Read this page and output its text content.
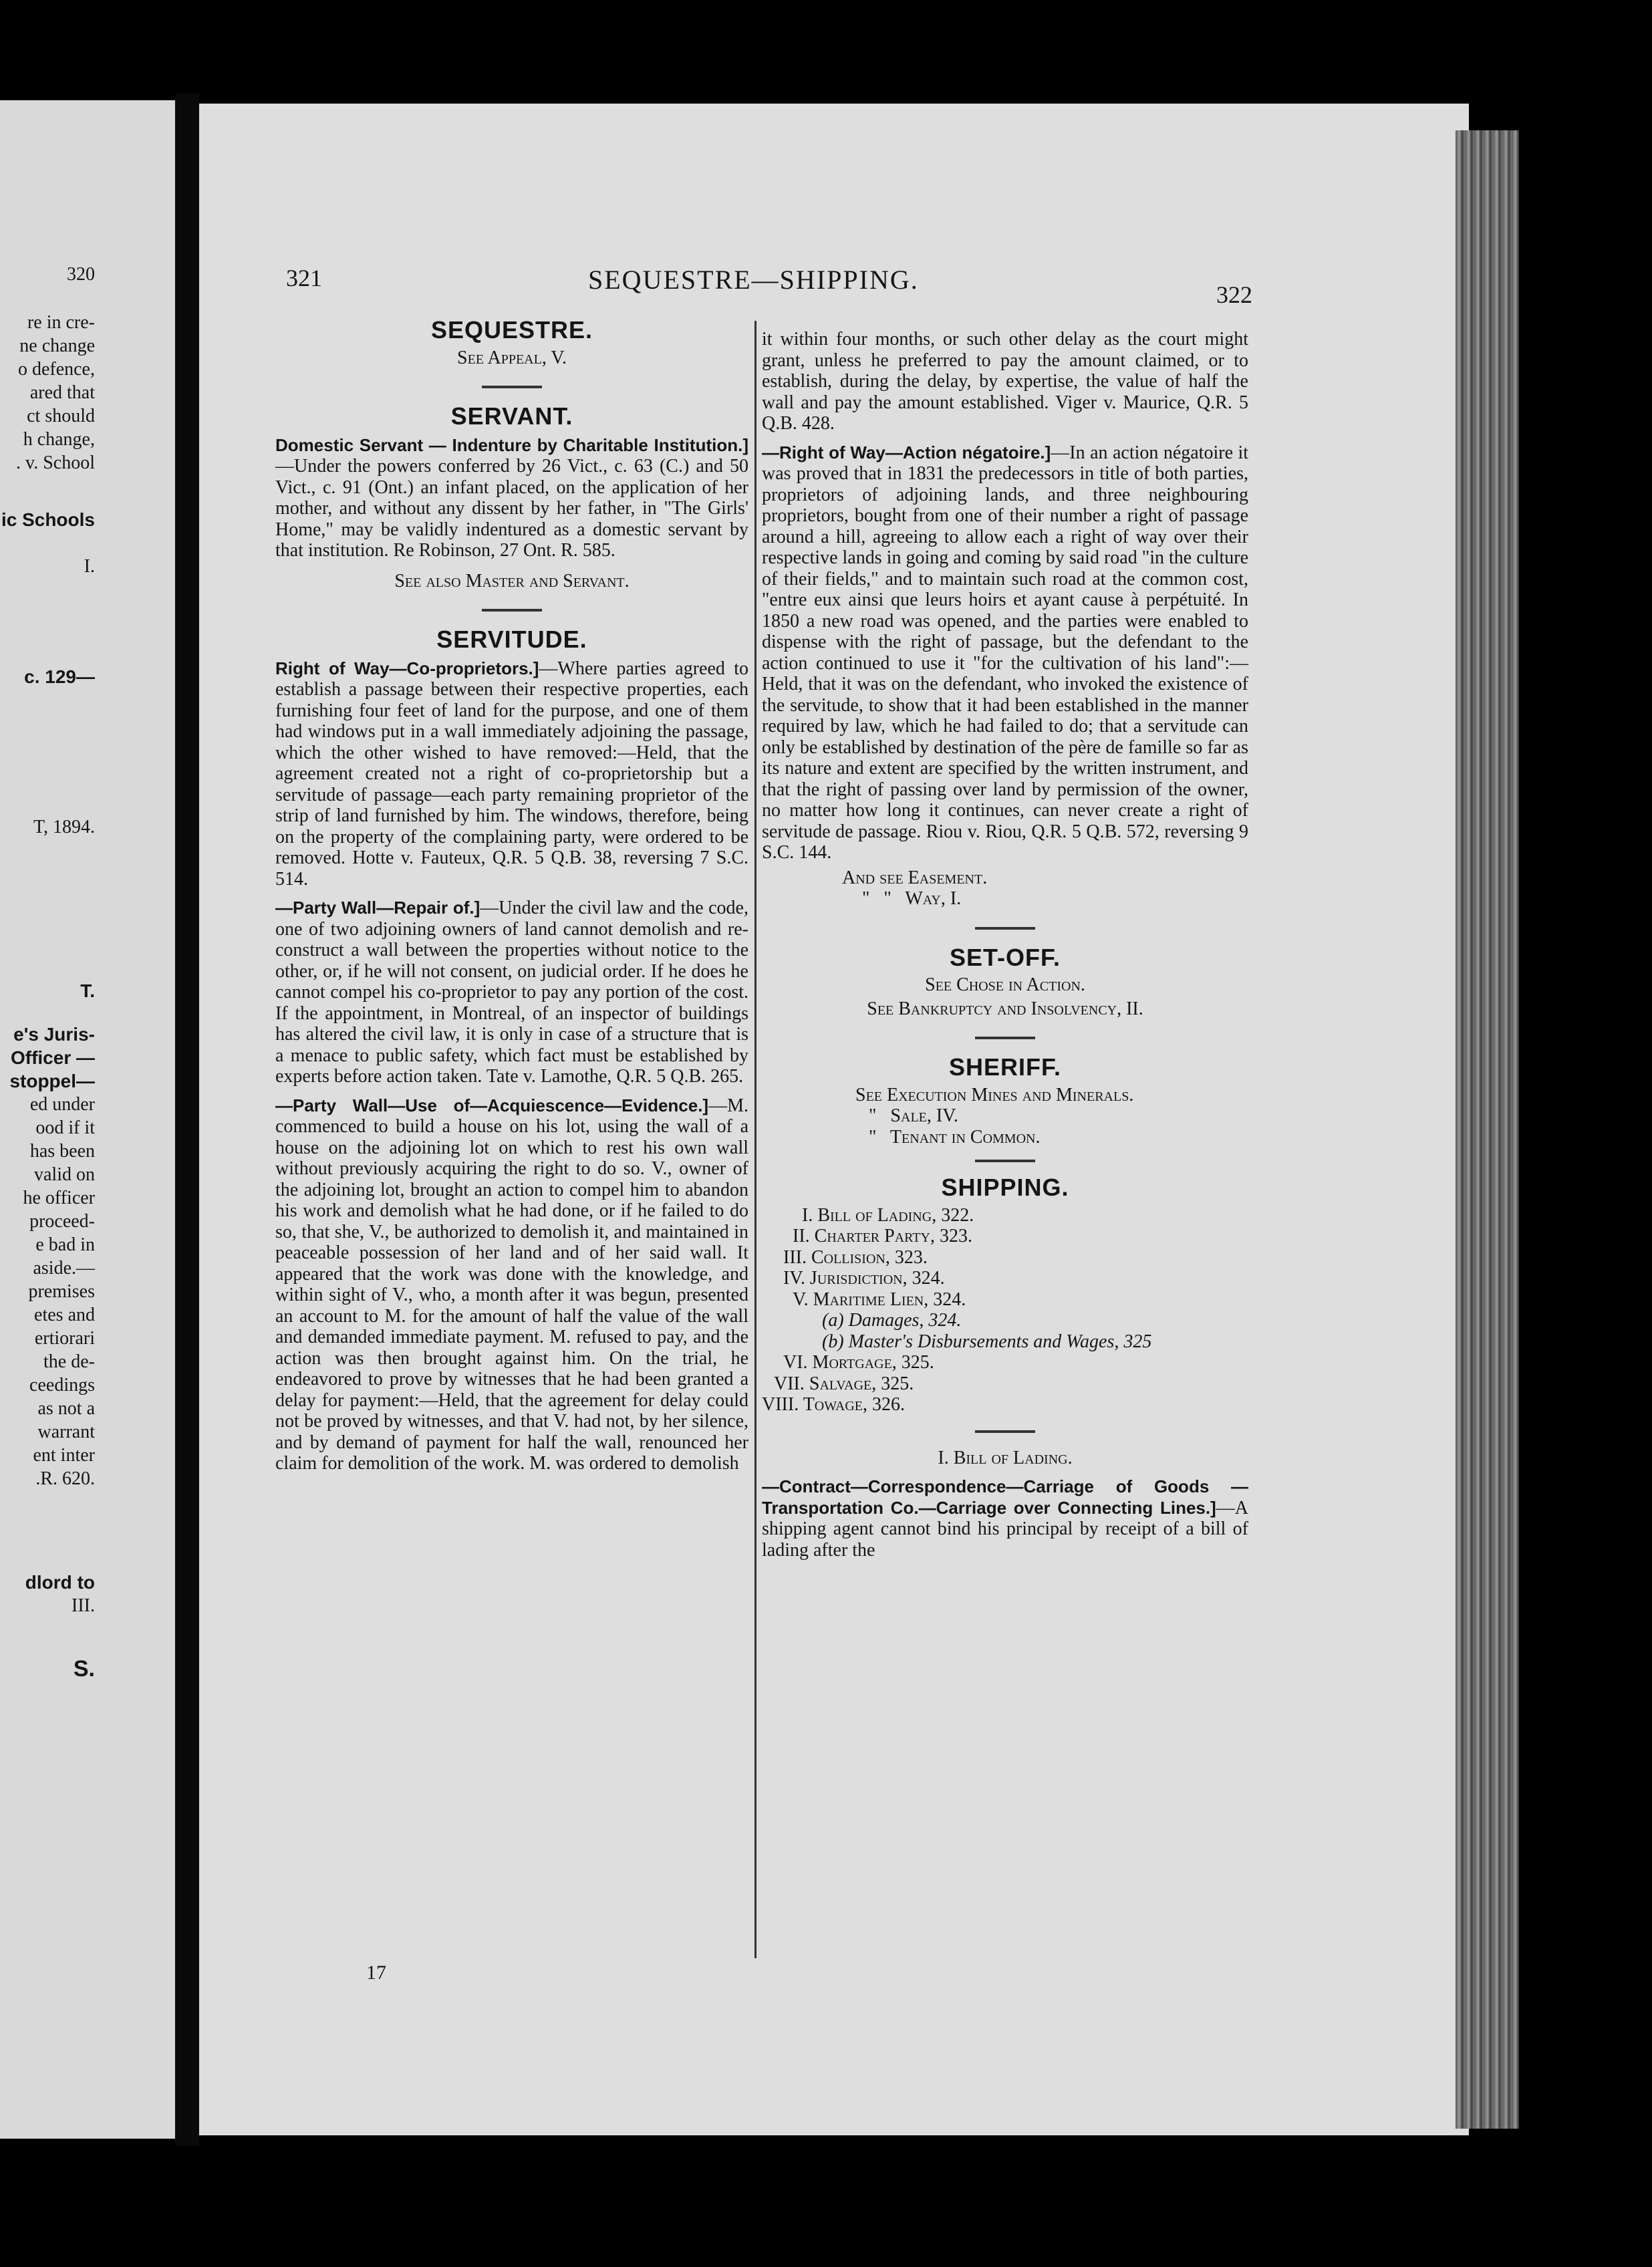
320
re in cre-
ne change
o defence,
ared that
ct should
h change,
. v. School
ic Schools
I.
c. 129—
T, 1894.
T.
e's Juris-
Officer —
stoppel—
ed under
ood if it
has been
valid on
he officer
proceed-
e bad in
aside.—
premises
etes and
ertiorari
the de-
ceedings
as not a
warrant
ent inter
.R. 620.
dlord to
III.
S.
321	SEQUESTRE—SHIPPING.	322
SEQUESTRE.
See Appeal, V.
SERVANT.

Domestic Servant — Indenture by Charitable Institution.]—Under the powers conferred by 26 Vict., c. 63 (C.) and 50 Vict., c. 91 (Ont.) an infant placed, on the application of her mother, and without any dissent by her father, in "The Girls' Home," may be validly indentured as a domestic servant by that institution. Re Robinson, 27 Ont. R. 585.

See also Master and Servant.
SERVITUDE.

Right of Way—Co-proprietors.]—Where parties agreed to establish a passage between their respective properties, each furnishing four feet of land for the purpose, and one of them had windows put in a wall immediately adjoining the passage, which the other wished to have removed:—Held, that the agreement created not a right of co-proprietorship but a servitude of passage—each party remaining proprietor of the strip of land furnished by him. The windows, therefore, being on the property of the complaining party, were ordered to be removed. Hotte v. Fauteux, Q.R. 5 Q.B. 38, reversing 7 S.C. 514.

—Party Wall—Repair of.]—Under the civil law and the code, one of two adjoining owners of land cannot demolish and re-construct a wall between the properties without notice to the other, or, if he will not consent, on judicial order. If he does he cannot compel his co-proprietor to pay any portion of the cost. If the appointment, in Montreal, of an inspector of buildings has altered the civil law, it is only in case of a structure that is a menace to public safety, which fact must be established by experts before action taken. Tate v. Lamothe, Q.R. 5 Q.B. 265.

—Party Wall—Use of—Acquiescence—Evidence.]—M. commenced to build a house on his lot, using the wall of a house on the adjoining lot on which to rest his own wall without previously acquiring the right to do so. V., owner of the adjoining lot, brought an action to compel him to abandon his work and demolish what he had done, or if he failed to do so, that she, V., be authorized to demolish it, and maintained in peaceable possession of her land and of her said wall. It appeared that the work was done with the knowledge, and within sight of V., who, a month after it was begun, presented an account to M. for the amount of half the value of the wall and demanded immediate payment. M. refused to pay, and the action was then brought against him. On the trial, he endeavored to prove by witnesses that he had been granted a delay for payment:—Held, that the agreement for delay could not be proved by witnesses, and that V. had not, by her silence, and by demand of payment for half the wall, renounced her claim for demolition of the work. M. was ordered to demolish

17

it within four months, or such other delay as the court might grant, unless he preferred to pay the amount claimed, or to establish, during the delay, by expertise, the value of half the wall and pay the amount established. Viger v. Maurice, Q.R. 5 Q.B. 428.

—Right of Way—Action négatoire.]—In an action négatoire it was proved that in 1831 the predecessors in title of both parties, proprietors of adjoining lands, and three neighbouring proprietors, bought from one of their number a right of passage around a hill, agreeing to allow each a right of way over their respective lands in going and coming by said road "in the culture of their fields," and to maintain such road at the common cost, "entre eux ainsi que leurs hoirs et ayant cause à perpétuité. In 1850 a new road was opened, and the parties were enabled to dispense with the right of passage, but the defendant to the action continued to use it "for the cultivation of his land":—Held, that it was on the defendant, who invoked the existence of the servitude, to show that it had been established in the manner required by law, which he had failed to do; that a servitude can only be established by destination of the père de famille so far as its nature and extent are specified by the written instrument, and that the right of passing over land by permission of the owner, no matter how long it continues, can never create a right of servitude de passage. Riou v. Riou, Q.R. 5 Q.B. 572, reversing 9 S.C. 144.

And see Easement.
"   "   Way, I.
SET-OFF.
See Chose in Action.
See Bankruptcy and Insolvency, II.
SHERIFF.
See Execution Mines and Minerals.
"   Sale, IV.
"   Tenant in Common.
SHIPPING.
I. Bill of Lading, 322.
II. Charter Party, 323.
III. Collision, 323.
IV. Jurisdiction, 324.
V. Maritime Lien, 324.
(a) Damages, 324.
(b) Master's Disbursements and Wages, 325
VI. Mortgage, 325.
VII. Salvage, 325.
VIII. Towage, 326.
I. Bill of Lading.

—Contract—Correspondence—Carriage of Goods —Transportation Co.—Carriage over Connecting Lines.]—A shipping agent cannot bind his principal by receipt of a bill of lading after the
